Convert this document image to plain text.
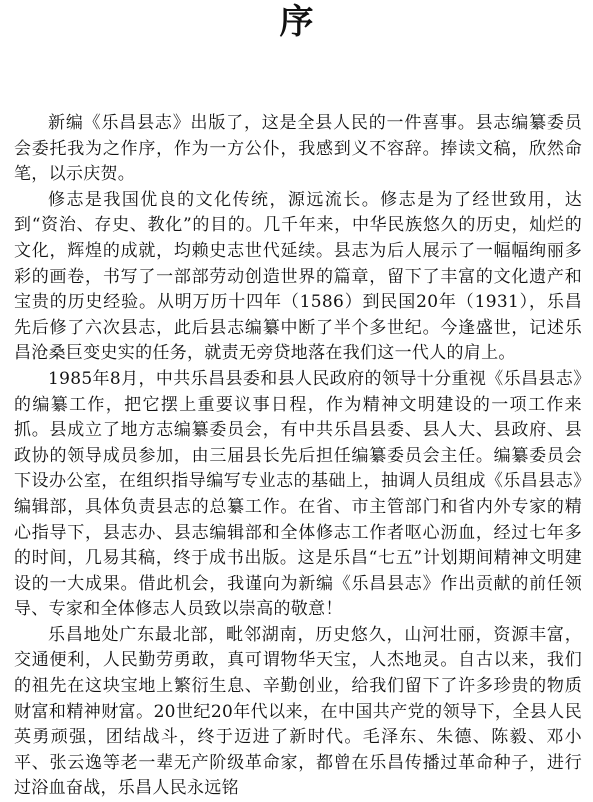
序

新编《乐昌县志》出版了，这是全县人民的一件喜事。县志编纂委员会委托我为之作序，作为一方公仆，我感到义不容辞。捧读文稿，欣然命笔，以示庆贺。

修志是我国优良的文化传统，源远流长。修志是为了经世致用，达到“资治、存史、教化”的目的。几千年来，中华民族悠久的历史，灿烂的文化，辉煌的成就，均赖史志世代延续。县志为后人展示了一幅幅绚丽多彩的画卷，书写了一部部劳动创造世界的篇章，留下了丰富的文化遗产和宝贵的历史经验。从明万历十四年（1586）到民国20年（1931），乐昌先后修了六次县志，此后县志编纂中断了半个多世纪。今逢盛世，记述乐昌沧桑巨变史实的任务，就责无旁贷地落在我们这一代人的肩上。

1985年8月，中共乐昌县委和县人民政府的领导十分重视《乐昌县志》的编纂工作，把它摆上重要议事日程，作为精神文明建设的一项工作来抓。县成立了地方志编纂委员会，有中共乐昌县委、县人大、县政府、县政协的领导成员参加，由三届县长先后担任编纂委员会主任。编纂委员会下设办公室，在组织指导编写专业志的基础上，抽调人员组成《乐昌县志》编辑部，具体负责县志的总纂工作。在省、市主管部门和省内外专家的精心指导下，县志办、县志编辑部和全体修志工作者呕心沥血，经过七年多的时间，几易其稿，终于成书出版。这是乐昌“七五”计划期间精神文明建设的一大成果。借此机会，我谨向为新编《乐昌县志》作出贡献的前任领导、专家和全体修志人员致以崇高的敬意！

乐昌地处广东最北部，毗邻湖南，历史悠久，山河壮丽，资源丰富，交通便利，人民勤劳勇敢，真可谓物华天宝，人杰地灵。自古以来，我们的祖先在这块宝地上繁衍生息、辛勤创业，给我们留下了许多珍贵的物质财富和精神财富。20世纪20年代以来，在中国共产党的领导下，全县人民英勇顽强，团结战斗，终于迈进了新时代。毛泽东、朱德、陈毅、邓小平、张云逸等老一辈无产阶级革命家，都曾在乐昌传播过革命种子，进行过浴血奋战，乐昌人民永远铭
